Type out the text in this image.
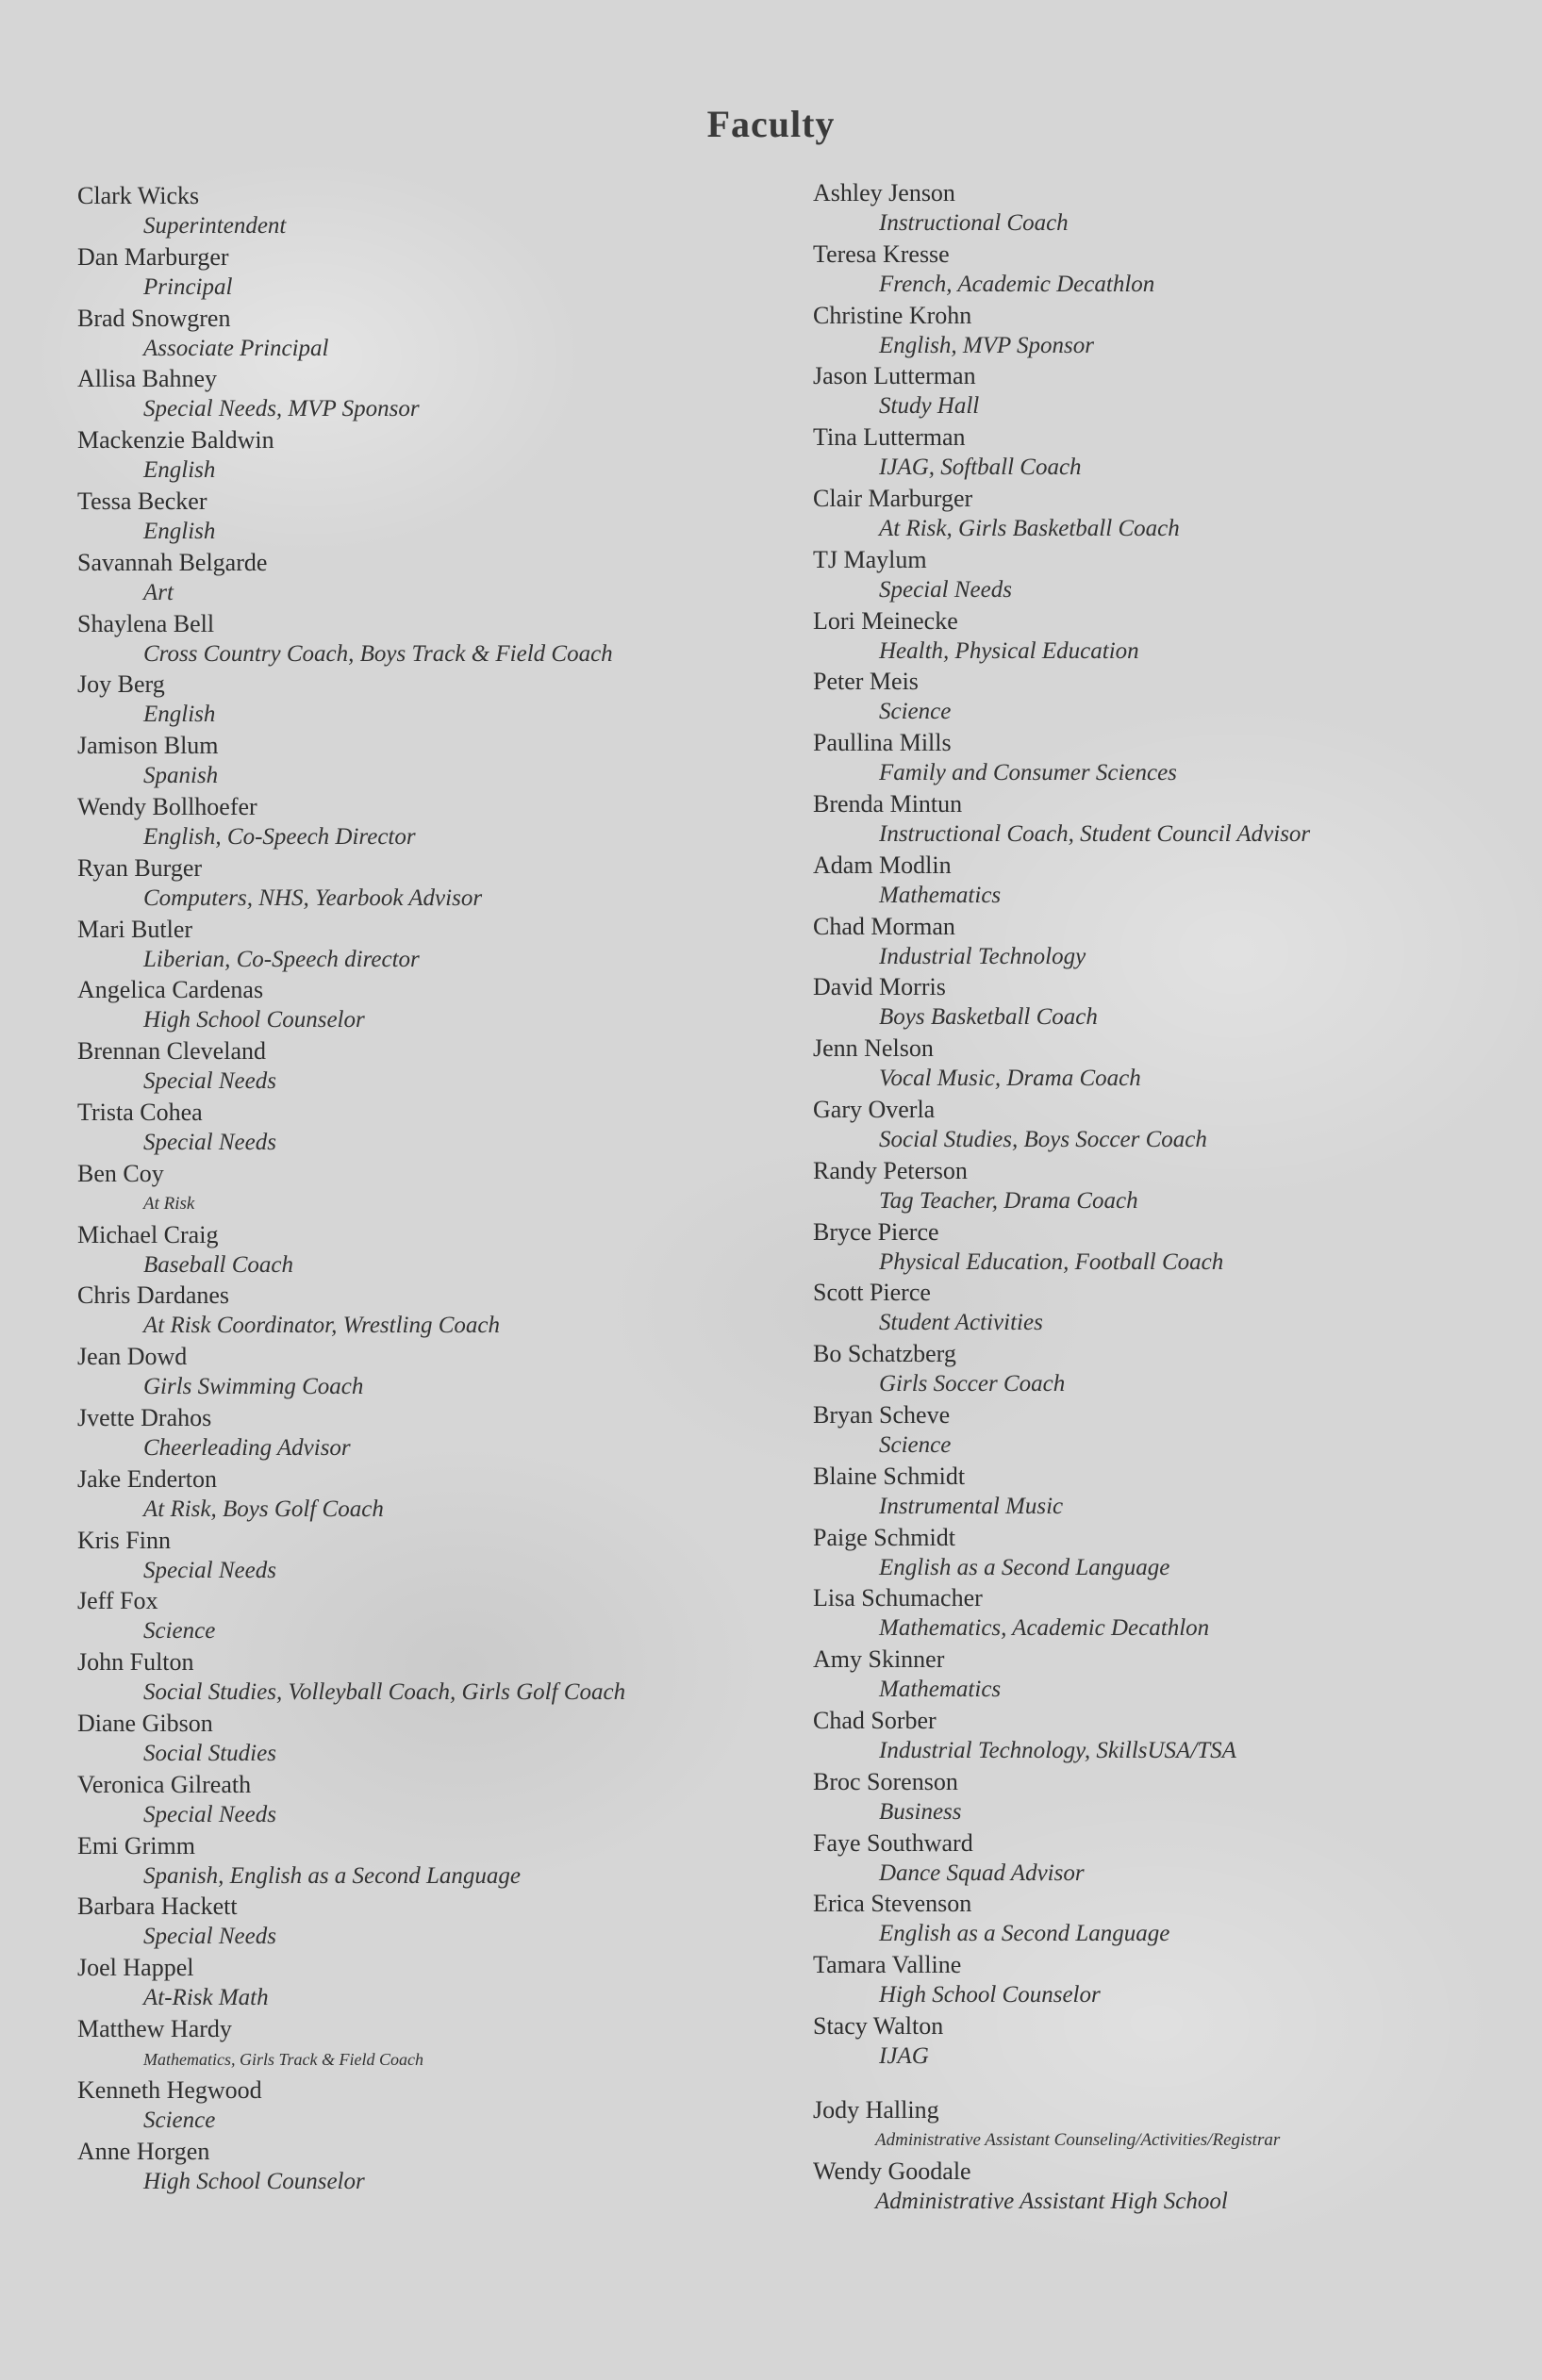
Faculty
Clark Wicks
Superintendent
Dan Marburger
Principal
Brad Snowgren
Associate Principal
Allisa Bahney
Special Needs, MVP Sponsor
Mackenzie Baldwin
English
Tessa Becker
English
Savannah Belgarde
Art
Shaylena Bell
Cross Country Coach, Boys Track & Field Coach
Joy Berg
English
Jamison Blum
Spanish
Wendy Bollhoefer
English, Co-Speech Director
Ryan Burger
Computers, NHS, Yearbook Advisor
Mari Butler
Liberian, Co-Speech director
Angelica Cardenas
High School Counselor
Brennan Cleveland
Special Needs
Trista Cohea
Special Needs
Ben Coy
At Risk
Michael Craig
Baseball Coach
Chris Dardanes
At Risk Coordinator, Wrestling Coach
Jean Dowd
Girls Swimming Coach
Jvette Drahos
Cheerleading Advisor
Jake Enderton
At Risk, Boys Golf Coach
Kris Finn
Special Needs
Jeff Fox
Science
John Fulton
Social Studies, Volleyball Coach, Girls Golf Coach
Diane Gibson
Social Studies
Veronica Gilreath
Special Needs
Emi Grimm
Spanish, English as a Second Language
Barbara Hackett
Special Needs
Joel Happel
At-Risk Math
Matthew Hardy
Mathematics, Girls Track & Field Coach
Kenneth Hegwood
Science
Anne Horgen
High School Counselor
Ashley Jenson
Instructional Coach
Teresa Kresse
French, Academic Decathlon
Christine Krohn
English, MVP Sponsor
Jason Lutterman
Study Hall
Tina Lutterman
IJAG, Softball Coach
Clair Marburger
At Risk, Girls Basketball Coach
TJ Maylum
Special Needs
Lori Meinecke
Health, Physical Education
Peter Meis
Science
Paullina Mills
Family and Consumer Sciences
Brenda Mintun
Instructional Coach, Student Council Advisor
Adam Modlin
Mathematics
Chad Morman
Industrial Technology
David Morris
Boys Basketball Coach
Jenn Nelson
Vocal Music, Drama Coach
Gary Overla
Social Studies, Boys Soccer Coach
Randy Peterson
Tag Teacher, Drama Coach
Bryce Pierce
Physical Education, Football Coach
Scott Pierce
Student Activities
Bo Schatzberg
Girls Soccer Coach
Bryan Scheve
Science
Blaine Schmidt
Instrumental Music
Paige Schmidt
English as a Second Language
Lisa Schumacher
Mathematics, Academic Decathlon
Amy Skinner
Mathematics
Chad Sorber
Industrial Technology, SkillsUSA/TSA
Broc Sorenson
Business
Faye Southward
Dance Squad Advisor
Erica Stevenson
English as a Second Language
Tamara Valline
High School Counselor
Stacy Walton
IJAG
Jody Halling
Administrative Assistant Counseling/Activities/Registrar
Wendy Goodale
Administrative Assistant High School
